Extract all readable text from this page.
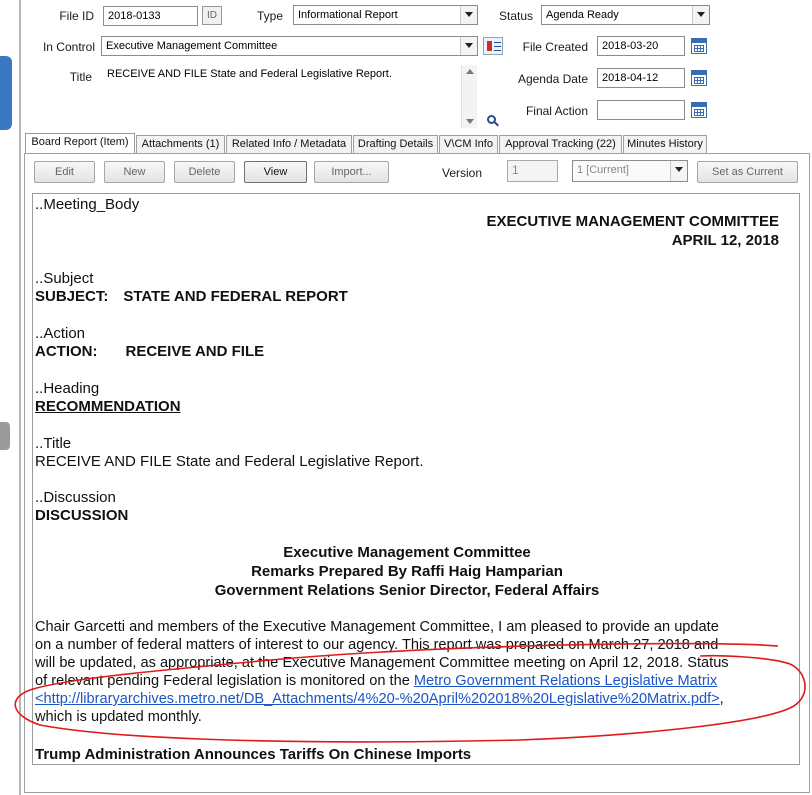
File ID	2018-0133	ID	Type	Informational Report	Status	Agenda Ready
In Control	Executive Management Committee	File Created	2018-03-20
Title	RECEIVE AND FILE State and Federal Legislative Report.	Agenda Date	2018-04-12
Final Action
Board Report (Item)	Attachments (1)	Related Info / Metadata	Drafting Details V\CM Info	Approval Tracking (22)	Minutes History
Edit	New	Delete	View	Import...	Version	1	1 [Current]	Set as Current
..Meeting_Body
EXECUTIVE MANAGEMENT COMMITTEE
APRIL 12, 2018
..Subject
SUBJECT: STATE AND FEDERAL REPORT
..Action
ACTION: RECEIVE AND FILE
..Heading
RECOMMENDATION
..Title
RECEIVE AND FILE State and Federal Legislative Report.
..Discussion
DISCUSSION
Executive Management Committee
Remarks Prepared By Raffi Haig Hamparian
Government Relations Senior Director, Federal Affairs
Chair Garcetti and members of the Executive Management Committee, I am pleased to provide an update
on a number of federal matters of interest to our agency. This report was prepared on March 27, 2018 and
will be updated, as appropriate, at the Executive Management Committee meeting on April 12, 2018. Status
of relevant pending Federal legislation is monitored on the Metro Government Relations Legislative Matrix
<http://libraryarchives.metro.net/DB_Attachments/4%20-%20April%202018%20Legislative%20Matrix.pdf>,
which is updated monthly.
Trump Administration Announces Tariffs On Chinese Imports
